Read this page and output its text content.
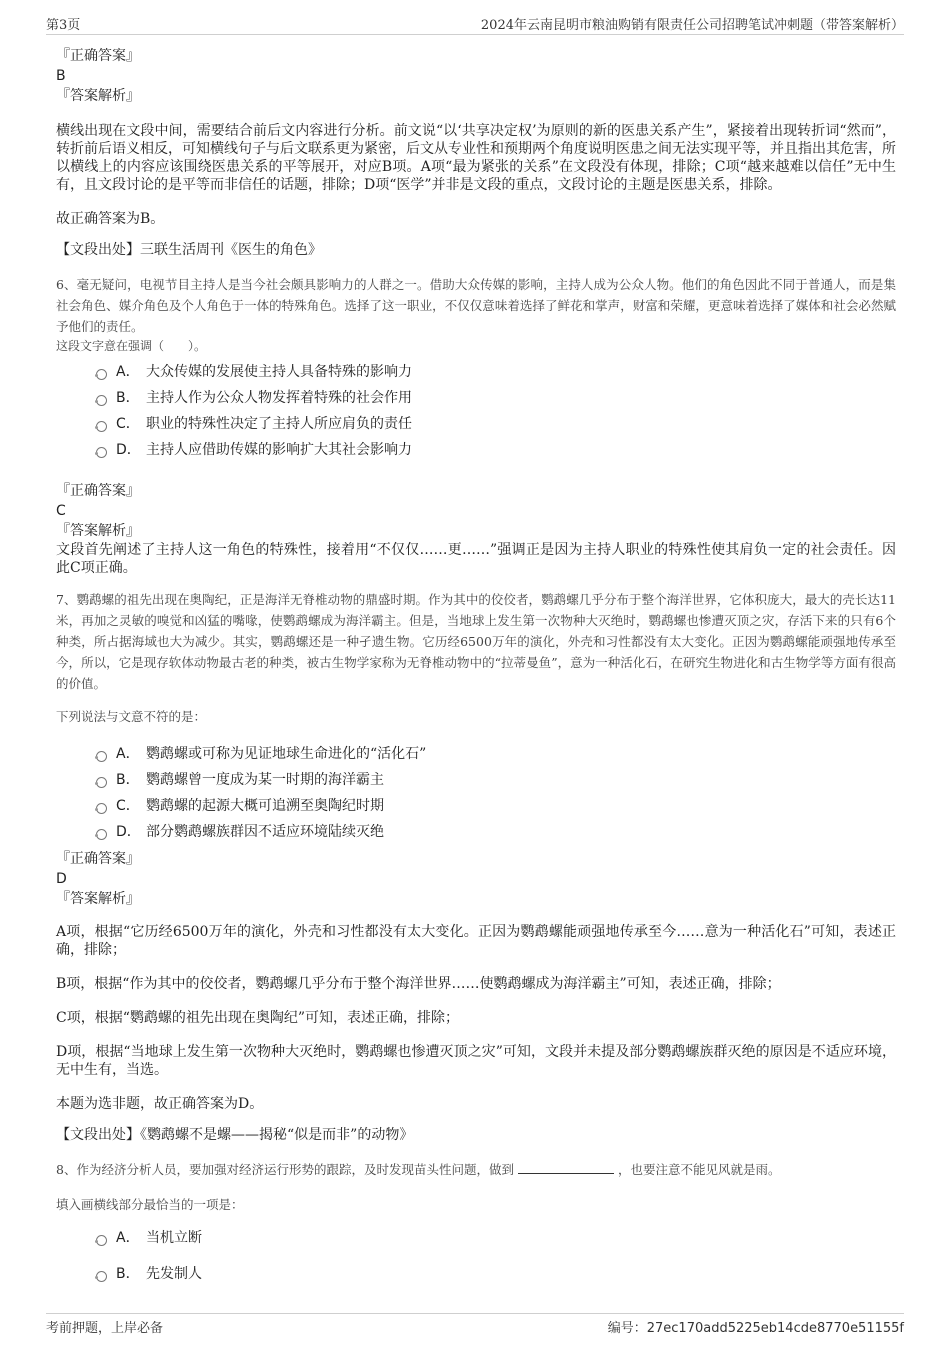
第3页	2024年云南昆明市粮油购销有限责任公司招聘笔试冲刺题（带答案解析）
『正确答案』
B
『答案解析』
横线出现在文段中间，需要结合前后文内容进行分析。前文说“以‘共享决定权’为原则的新的医患关系产生”，紧接着出现转折词“然而”，转折前后语义相反，可知横线句子与后文联系更为紧密，后文从专业性和预期两个角度说明医患之间无法实现平等，并且指出其危害，所以横线上的内容应该围绕医患关系的平等展开，对应B项。A项“最为紧张的关系”在文段没有体现，排除；C项“越来越难以信任”无中生有，且文段讨论的是平等而非信任的话题，排除；D项“医学”并非是文段的重点，文段讨论的主题是医患关系，排除。
故正确答案为B。
【文段出处】三联生活周刊《医生的角色》
6、毫无疑问，电视节目主持人是当今社会颇具影响力的人群之一。借助大众传媒的影响，主持人成为公众人物。他们的角色因此不同于普通人，而是集社会角色、媒介角色及个人角色于一体的特殊角色。选择了这一职业，不仅仅意味着选择了鲜花和掌声，财富和荣耀，更意味着选择了媒体和社会必然赋予他们的责任。
这段文字意在强调（　　）。
A． 大众传媒的发展使主持人具备特殊的影响力
B． 主持人作为公众人物发挥着特殊的社会作用
C． 职业的特殊性决定了主持人所应肩负的责任
D． 主持人应借助传媒的影响扩大其社会影响力
『正确答案』
C
『答案解析』
文段首先阐述了主持人这一角色的特殊性，接着用“不仅仅……更……”强调正是因为主持人职业的特殊性使其肩负一定的社会责任。因此C项正确。
7、鹦鹉螺的祖先出现在奥陶纪，正是海洋无脊椎动物的鼎盛时期。作为其中的佼佼者，鹦鹉螺几乎分布于整个海洋世界，它体积庞大，最大的壳长达11米，再加之灵敏的嗅觉和凶猛的嘴喙，使鹦鹉螺成为海洋霸主。但是，当地球上发生第一次物种大灭绝时，鹦鹉螺也惨遭灭顶之灾，存活下来的只有6个种类，所占据海域也大为减少。其实，鹦鹉螺还是一种孑遗生物。它历经6500万年的演化，外壳和习性都没有太大变化。正因为鹦鹉螺能顽强地传承至今，所以，它是现存软体动物最古老的种类，被古生物学家称为无脊椎动物中的“拉蒂曼鱼”，意为一种活化石，在研究生物进化和古生物学等方面有很高的价值。
下列说法与文意不符的是：
A． 鹦鹉螺或可称为见证地球生命进化的“活化石”
B． 鹦鹉螺曾一度成为某一时期的海洋霸主
C． 鹦鹉螺的起源大概可追溯至奥陶纪时期
D． 部分鹦鹉螺族群因不适应环境陆续灭绝
『正确答案』
D
『答案解析』
A项，根据“它历经6500万年的演化，外壳和习性都没有太大变化。正因为鹦鹉螺能顽强地传承至今……意为一种活化石”可知，表述正确，排除；
B项，根据“作为其中的佼佼者，鹦鹉螺几乎分布于整个海洋世界……使鹦鹉螺成为海洋霸主”可知，表述正确，排除；
C项，根据“鹦鹉螺的祖先出现在奥陶纪”可知，表述正确，排除；
D项，根据“当地球上发生第一次物种大灭绝时，鹦鹉螺也惨遭灭顶之灾”可知，文段并未提及部分鹦鹉螺族群灭绝的原因是不适应环境，无中生有，当选。
本题为选非题，故正确答案为D。
【文段出处】《鹦鹉螺不是螺——揭秘“似是而非”的动物》
8、作为经济分析人员，要加强对经济运行形势的跟踪，及时发现苗头性问题，做到	，也要注意不能见风就是雨。
填入画横线部分最恰当的一项是：
A． 当机立断
B． 先发制人
考前押题，上岸必备	编号：27ec170add5225eb14cde8770e51155f
